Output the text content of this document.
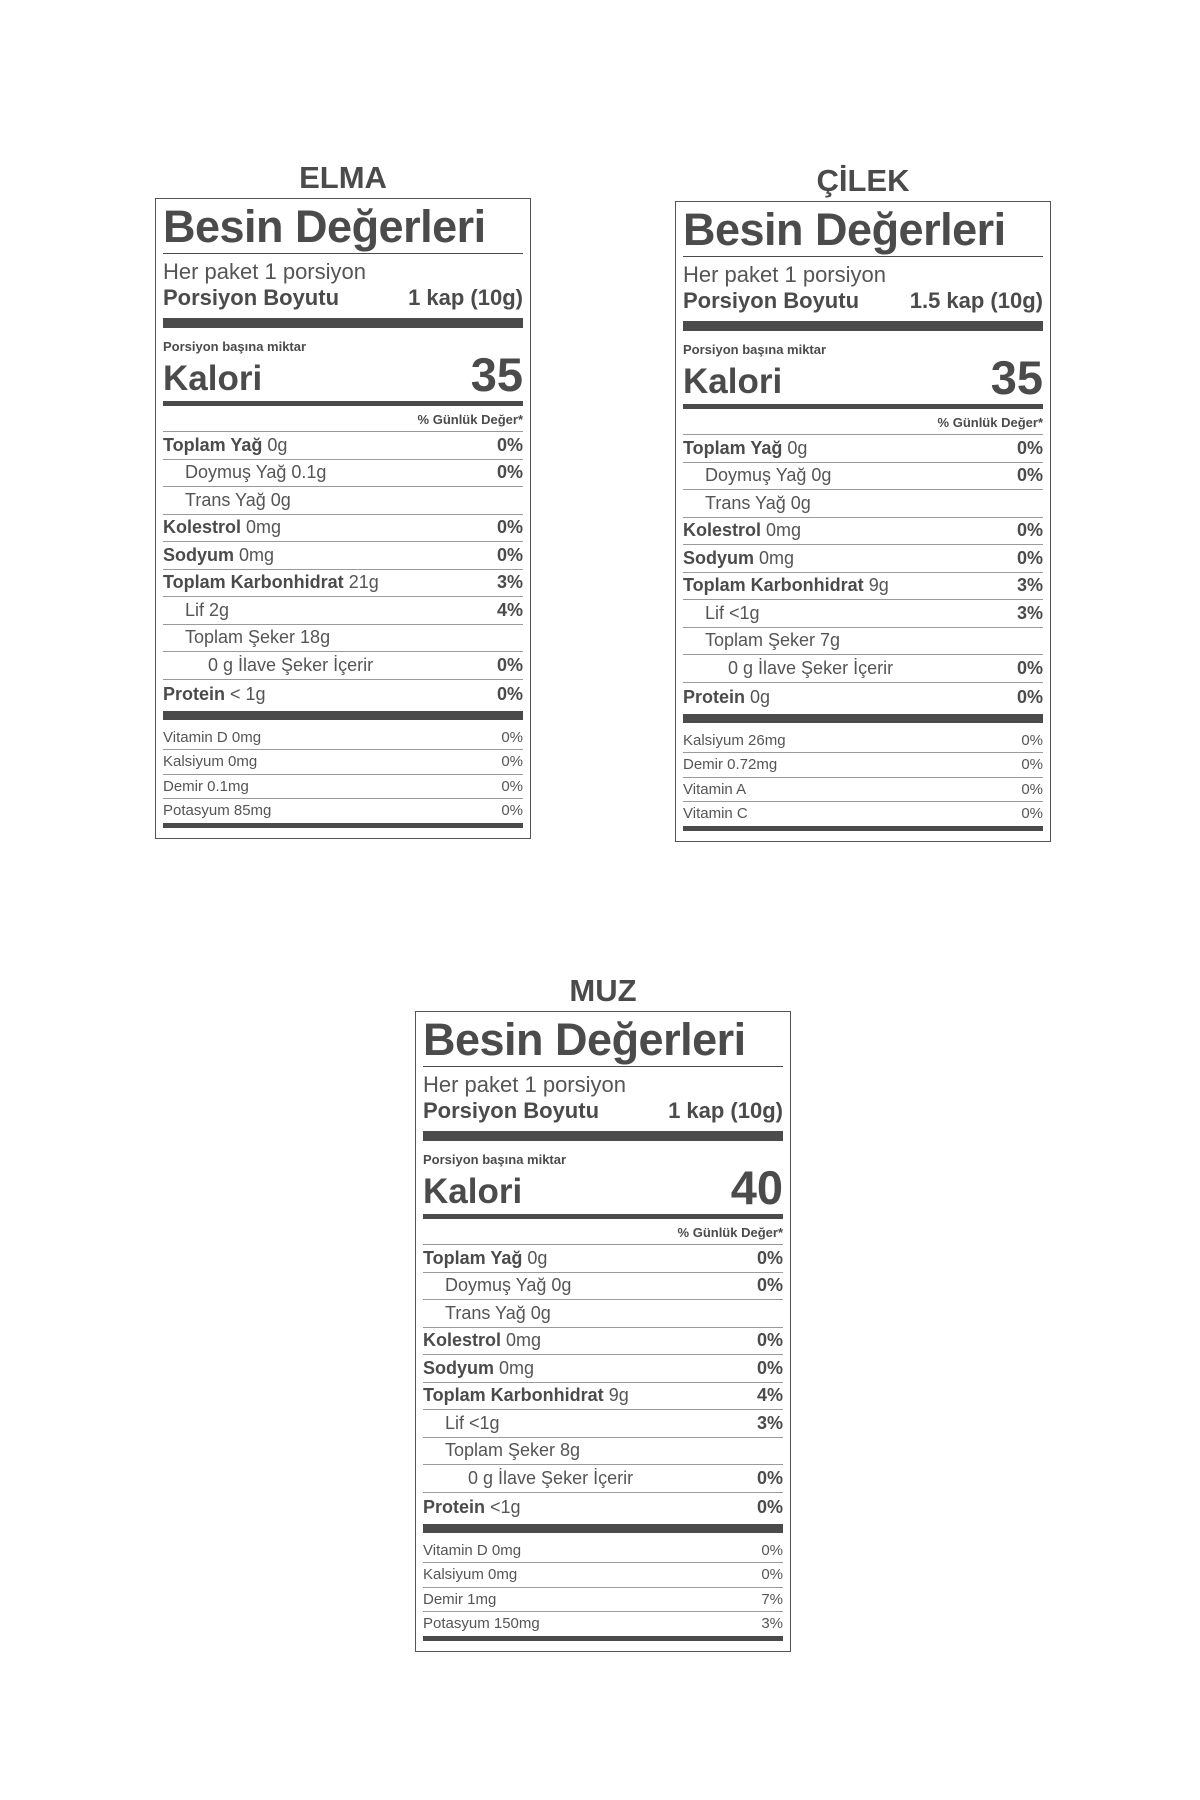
ELMA
Besin Değerleri
Her paket 1 porsiyon
Porsiyon Boyutu	1 kap (10g)
Porsiyon başına miktar
Kalori	35
% Günlük Değer*
Toplam Yağ 0g	0%
Doymuş Yağ 0.1g	0%
Trans Yağ 0g
Kolestrol 0mg	0%
Sodyum 0mg	0%
Toplam Karbonhidrat 21g	3%
Lif 2g	4%
Toplam Şeker 18g
0 g İlave Şeker İçerir	0%
Protein < 1g	0%
Vitamin D 0mg	0%
Kalsiyum 0mg	0%
Demir 0.1mg	0%
Potasyum 85mg	0%
ÇİLEK
Besin Değerleri
Her paket 1 porsiyon
Porsiyon Boyutu 1.5 kap (10g)
Porsiyon başına miktar
Kalori	35
% Günlük Değer*
Toplam Yağ 0g	0%
Doymuş Yağ 0g	0%
Trans Yağ 0g
Kolestrol 0mg	0%
Sodyum 0mg	0%
Toplam Karbonhidrat 9g	3%
Lif <1g	3%
Toplam Şeker 7g
0 g İlave Şeker İçerir	0%
Protein 0g	0%
Kalsiyum 26mg	0%
Demir 0.72mg	0%
Vitamin A	0%
Vitamin C	0%
MUZ
Besin Değerleri
Her paket 1 porsiyon
Porsiyon Boyutu	1 kap (10g)
Porsiyon başına miktar
Kalori	40
% Günlük Değer*
Toplam Yağ 0g	0%
Doymuş Yağ 0g	0%
Trans Yağ 0g
Kolestrol 0mg	0%
Sodyum 0mg	0%
Toplam Karbonhidrat 9g	4%
Lif <1g	3%
Toplam Şeker 8g
0 g İlave Şeker İçerir	0%
Protein <1g	0%
Vitamin D 0mg	0%
Kalsiyum 0mg	0%
Demir 1mg	7%
Potasyum 150mg	3%
